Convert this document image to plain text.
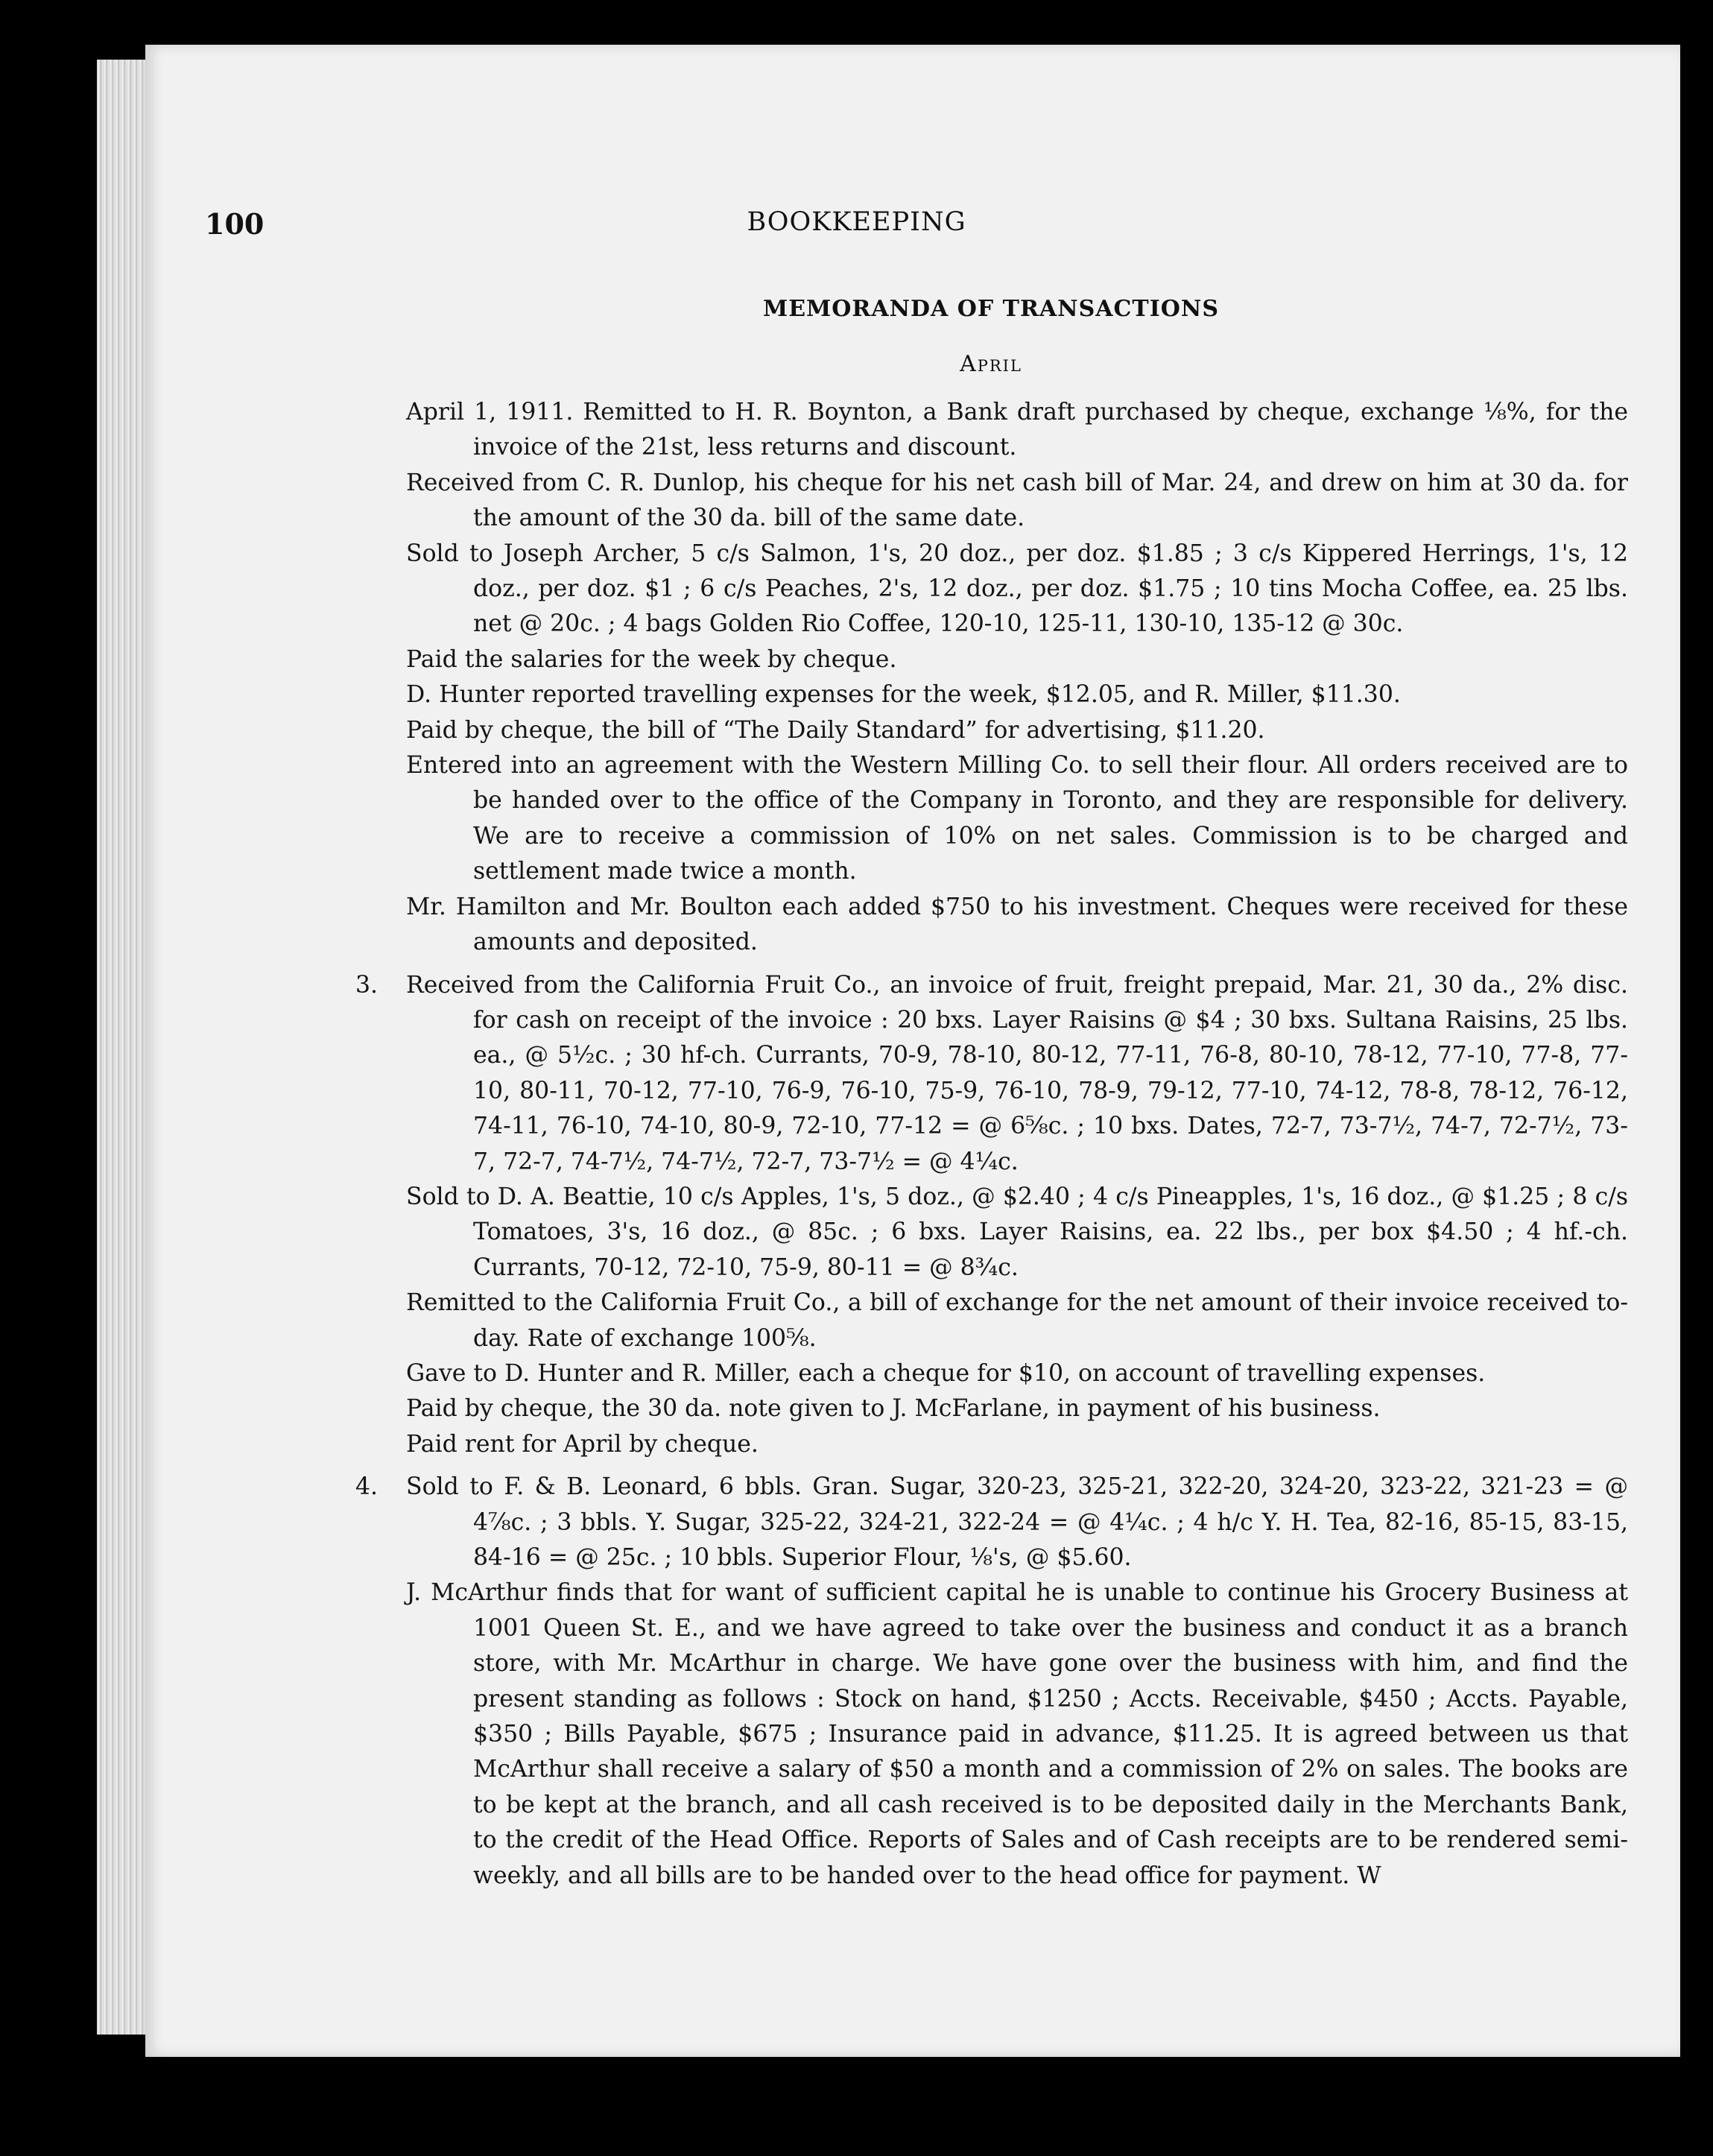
100	BOOKKEEPING
MEMORANDA OF TRANSACTIONS
April

April 1, 1911. Remitted to H. R. Boynton, a Bank draft purchased by cheque, exchange ⅛%, for the invoice of the 21st, less returns and discount.

Received from C. R. Dunlop, his cheque for his net cash bill of Mar. 24, and drew on him at 30 da. for the amount of the 30 da. bill of the same date.

Sold to Joseph Archer, 5 c/s Salmon, 1's, 20 doz., per doz. $1.85 ; 3 c/s Kippered Herrings, 1's, 12 doz., per doz. $1 ; 6 c/s Peaches, 2's, 12 doz., per doz. $1.75 ; 10 tins Mocha Coffee, ea. 25 lbs. net @ 20c. ; 4 bags Golden Rio Coffee, 120-10, 125-11, 130-10, 135-12 @ 30c.

Paid the salaries for the week by cheque.

D. Hunter reported travelling expenses for the week, $12.05, and R. Miller, $11.30.

Paid by cheque, the bill of “The Daily Standard” for advertising, $11.20.

Entered into an agreement with the Western Milling Co. to sell their flour. All orders received are to be handed over to the office of the Company in Toronto, and they are responsible for delivery. We are to receive a commission of 10% on net sales. Commission is to be charged and settlement made twice a month.

Mr. Hamilton and Mr. Boulton each added $750 to his investment. Cheques were received for these amounts and deposited.

3. Received from the California Fruit Co., an invoice of fruit, freight prepaid, Mar. 21, 30 da., 2% disc. for cash on receipt of the invoice : 20 bxs. Layer Raisins @ $4 ; 30 bxs. Sultana Raisins, 25 lbs. ea., @ 5½c. ; 30 hf-ch. Currants, 70-9, 78-10, 80-12, 77-11, 76-8, 80-10, 78-12, 77-10, 77-8, 77-10, 80-11, 70-12, 77-10, 76-9, 76-10, 75-9, 76-10, 78-9, 79-12, 77-10, 74-12, 78-8, 78-12, 76-12, 74-11, 76-10, 74-10, 80-9, 72-10, 77-12 = @ 6⅝c. ; 10 bxs. Dates, 72-7, 73-7½, 74-7, 72-7½, 73-7, 72-7, 74-7½, 74-7½, 72-7, 73-7½ = @ 4¼c.

Sold to D. A. Beattie, 10 c/s Apples, 1's, 5 doz., @ $2.40 ; 4 c/s Pineapples, 1's, 16 doz., @ $1.25 ; 8 c/s Tomatoes, 3's, 16 doz., @ 85c. ; 6 bxs. Layer Raisins, ea. 22 lbs., per box $4.50 ; 4 hf.-ch. Currants, 70-12, 72-10, 75-9, 80-11 = @ 8¾c.

Remitted to the California Fruit Co., a bill of exchange for the net amount of their invoice received to-day. Rate of exchange 100⅝.

Gave to D. Hunter and R. Miller, each a cheque for $10, on account of travelling expenses.

Paid by cheque, the 30 da. note given to J. McFarlane, in payment of his business.

Paid rent for April by cheque.

4. Sold to F. & B. Leonard, 6 bbls. Gran. Sugar, 320-23, 325-21, 322-20, 324-20, 323-22, 321-23 = @ 4⅞c. ; 3 bbls. Y. Sugar, 325-22, 324-21, 322-24 = @ 4¼c. ; 4 h/c Y. H. Tea, 82-16, 85-15, 83-15, 84-16 = @ 25c. ; 10 bbls. Superior Flour, ⅛'s, @ $5.60.

J. McArthur finds that for want of sufficient capital he is unable to continue his Grocery Business at 1001 Queen St. E., and we have agreed to take over the business and conduct it as a branch store, with Mr. McArthur in charge. We have gone over the business with him, and find the present standing as follows : Stock on hand, $1250 ; Accts. Receivable, $450 ; Accts. Payable, $350 ; Bills Payable, $675 ; Insurance paid in advance, $11.25. It is agreed between us that McArthur shall receive a salary of $50 a month and a commission of 2% on sales. The books are to be kept at the branch, and all cash received is to be deposited daily in the Merchants Bank, to the credit of the Head Office. Reports of Sales and of Cash receipts are to be rendered semi-weekly, and all bills are to be handed over to the head office for payment. W
